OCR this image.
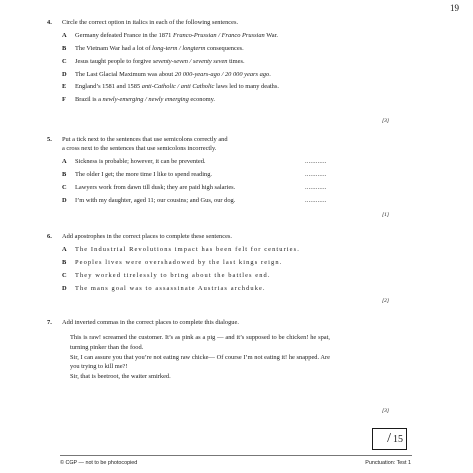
19
4. Circle the correct option in italics in each of the following sentences.
A	Germany defeated France in the 1871 Franco-Prussian / Franco Prussian War.
B	The Vietnam War had a lot of long-term / longterm consequences.
C	Jesus taught people to forgive seventy-seven / seventy seven times.
D	The Last Glacial Maximum was about 20 000-years-ago / 20 000 years ago.
E	England’s 1581 and 1585 anti-Catholic / anti Catholic laws led to many deaths.
F	Brazil is a newly-emerging / newly emerging economy.
[3]
5. Put a tick next to the sentences that use semicolons correctly and
a cross next to the sentences that use semicolons incorrectly.
A	Sickness is probable; however, it can be prevented.	............
B	The older I get; the more time I like to spend reading.	............
C	Lawyers work from dawn till dusk; they are paid high salaries.	............
D	I’m with my daughter, aged 11; our cousins; and Gus, our dog.	............
[1]
6. Add apostrophes in the correct places to complete these sentences.
A	The Industrial Revolutions impact has been felt for centuries.
B	Peoples lives were overshadowed by the last kings reign.
C	They worked tirelessly to bring about the battles end.
D	The mans goal was to assassinate Austrias archduke.
[2]
7. Add inverted commas in the correct places to complete this dialogue.

This is raw! screamed the customer. It’s as pink as a pig — and it’s supposed to be chicken! he spat, turning pinker than the food.

Sir, I can assure you that you’re not eating raw chicke— Of course I’m not eating it! he snapped. Are you trying to kill me?!

Sir, that is beetroot, the waiter smirked.

[3]
/ 15
© CGP — not to be photocopied	Punctuation: Test 1
